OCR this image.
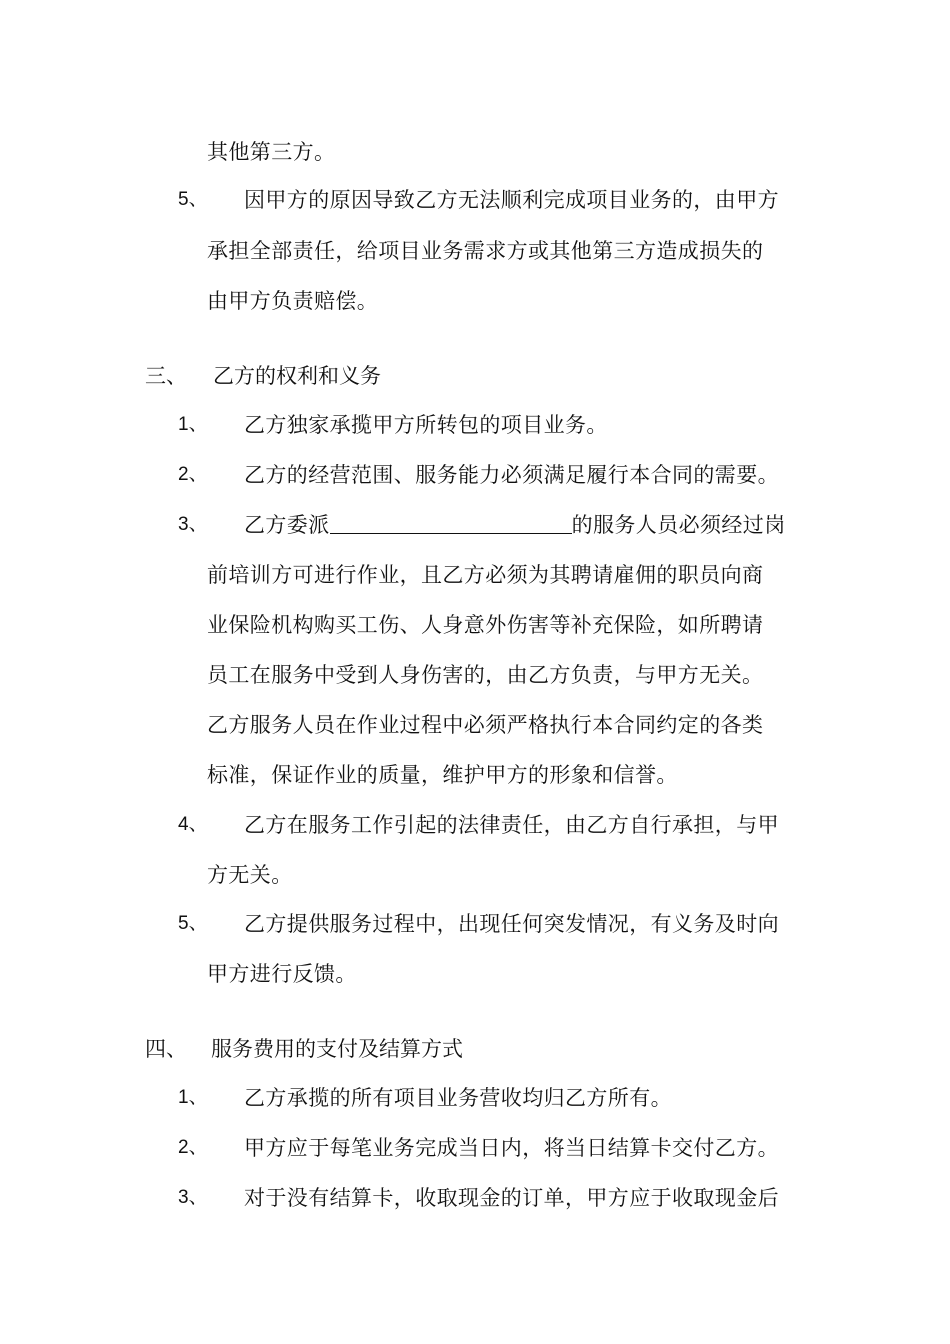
其他第三方。
5、 因甲方的原因导致乙方无法顺利完成项目业务的，由甲方
承担全部责任，给项目业务需求方或其他第三方造成损失的
由甲方负责赔偿。
三、 乙方的权利和义务
1、 乙方独家承揽甲方所转包的项目业务。
2、 乙方的经营范围、服务能力必须满足履行本合同的需要。
3、 乙方委派	的服务人员必须经过岗
前培训方可进行作业，且乙方必须为其聘请雇佣的职员向商
业保险机构购买工伤、人身意外伤害等补充保险，如所聘请
员工在服务中受到人身伤害的，由乙方负责，与甲方无关。
乙方服务人员在作业过程中必须严格执行本合同约定的各类
标准，保证作业的质量，维护甲方的形象和信誉。
4、 乙方在服务工作引起的法律责任，由乙方自行承担，与甲
方无关。
5、 乙方提供服务过程中，出现任何突发情况，有义务及时向
甲方进行反馈。
四、 服务费用的支付及结算方式
1、 乙方承揽的所有项目业务营收均归乙方所有。
2、 甲方应于每笔业务完成当日内，将当日结算卡交付乙方。
3、 对于没有结算卡，收取现金的订单，甲方应于收取现金后
